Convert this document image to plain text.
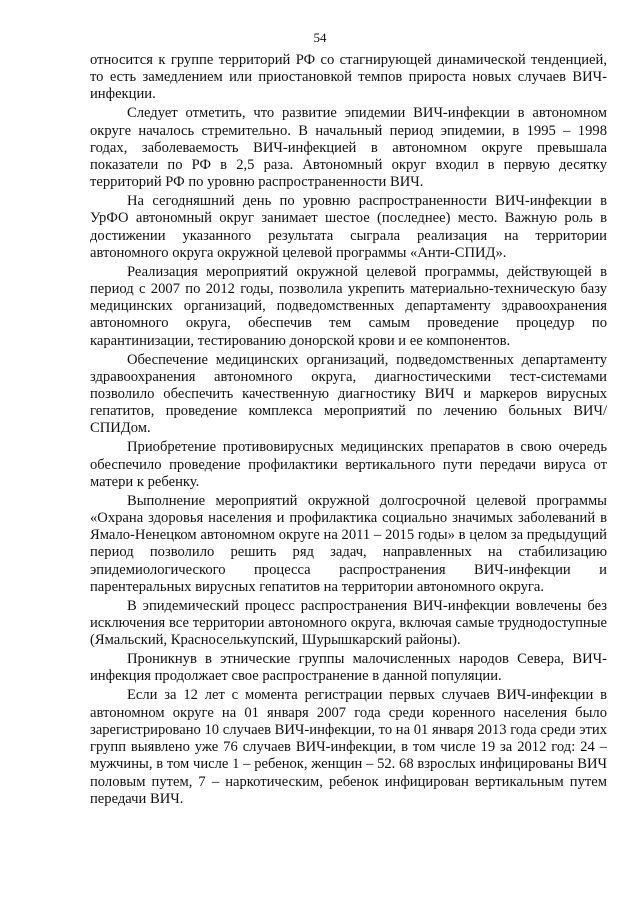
54

относится к группе территорий РФ со стагнирующей динамической тенденцией, то есть замедлением или приостановкой темпов прироста новых случаев ВИЧ-инфекции.

Следует отметить, что развитие эпидемии ВИЧ-инфекции в автономном округе началось стремительно. В начальный период эпидемии, в 1995 – 1998 годах, заболеваемость ВИЧ-инфекцией в автономном округе превышала показатели по РФ в 2,5 раза. Автономный округ входил в первую десятку территорий РФ по уровню распространенности ВИЧ.

На сегодняшний день по уровню распространенности ВИЧ-инфекции в УрФО автономный округ занимает шестое (последнее) место. Важную роль в достижении указанного результата сыграла реализация на территории автономного округа окружной целевой программы «Анти-СПИД».

Реализация мероприятий окружной целевой программы, действующей в период с 2007 по 2012 годы, позволила укрепить материально-техническую базу медицинских организаций, подведомственных департаменту здравоохранения автономного округа, обеспечив тем самым проведение процедур по карантинизации, тестированию донорской крови и ее компонентов.

Обеспечение медицинских организаций, подведомственных департаменту здравоохранения автономного округа, диагностическими тест-системами позволило обеспечить качественную диагностику ВИЧ и маркеров вирусных гепатитов, проведение комплекса мероприятий по лечению больных ВИЧ/СПИДом.

Приобретение противовирусных медицинских препаратов в свою очередь обеспечило проведение профилактики вертикального пути передачи вируса от матери к ребенку.

Выполнение мероприятий окружной долгосрочной целевой программы «Охрана здоровья населения и профилактика социально значимых заболеваний в Ямало-Ненецком автономном округе на 2011 – 2015 годы» в целом за предыдущий период позволило решить ряд задач, направленных на стабилизацию эпидемиологического процесса распространения ВИЧ-инфекции и парентеральных вирусных гепатитов на территории автономного округа.

В эпидемический процесс распространения ВИЧ-инфекции вовлечены без исключения все территории автономного округа, включая самые труднодоступные (Ямальский, Красноселькупский, Шурышкарский районы).

Проникнув в этнические группы малочисленных народов Севера, ВИЧ-инфекция продолжает свое распространение в данной популяции.

Если за 12 лет с момента регистрации первых случаев ВИЧ-инфекции в автономном округе на 01 января 2007 года среди коренного населения было зарегистрировано 10 случаев ВИЧ-инфекции, то на 01 января 2013 года среди этих групп выявлено уже 76 случаев ВИЧ-инфекции, в том числе 19 за 2012 год: 24 – мужчины, в том числе 1 – ребенок, женщин – 52. 68 взрослых инфицированы ВИЧ половым путем, 7 – наркотическим, ребенок инфицирован вертикальным путем передачи ВИЧ.
